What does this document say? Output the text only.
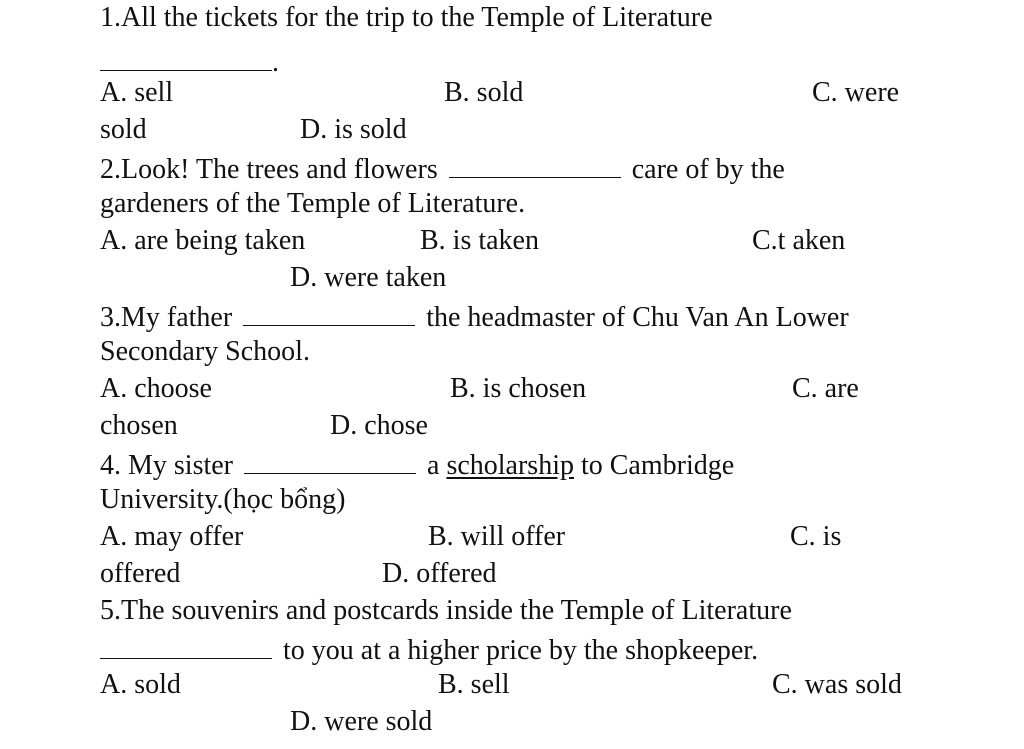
1.All the tickets for the trip to the Temple of Literature
.
A. sell	B. sold	C. were
sold	D. is sold
2.Look! The trees and flowers	care of by the
gardeners of the Temple of Literature.
A. are being taken	B. is taken	C.t aken
D. were taken
3.My father	the headmaster of Chu Van An Lower
Secondary School.
A. choose	B. is chosen	C. are
chosen	D. chose
4. My sister	a scholarship to Cambridge
University.(học bổng)
A. may offer	B. will offer	C. is
offered	D. offered
5.The souvenirs and postcards inside the Temple of Literature
to you at a higher price by the shopkeeper.
A. sold	B. sell	C. was sold
D. were sold
